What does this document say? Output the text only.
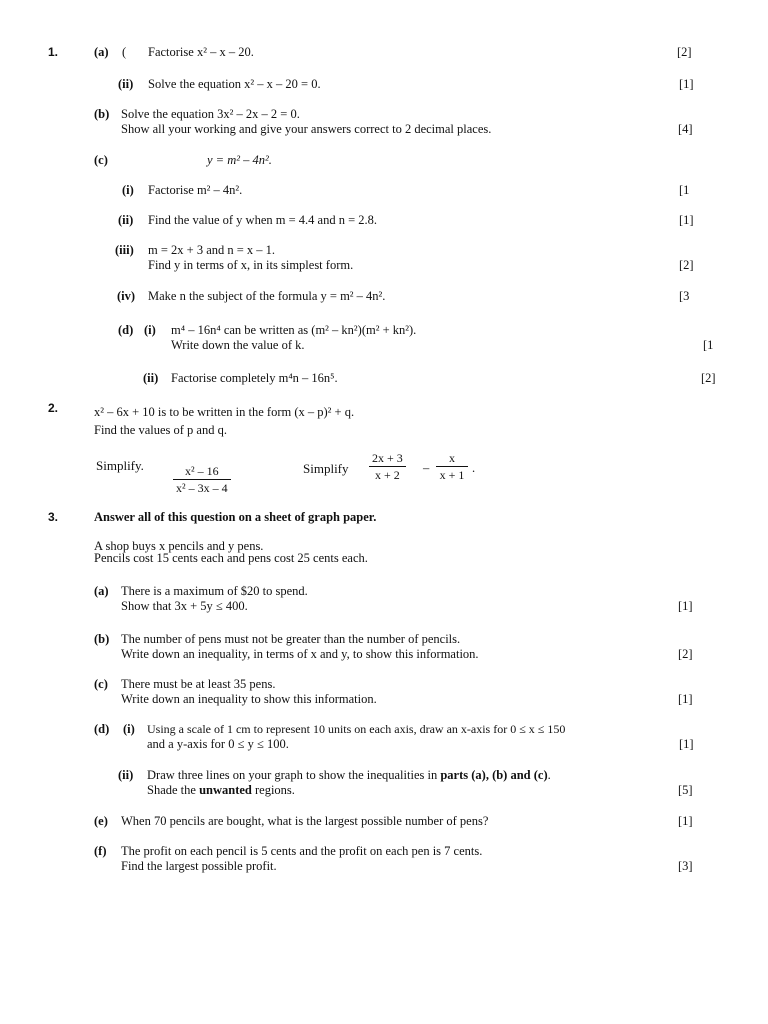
1.	(a) ( Factorise x² – x – 20.	[2]
(ii) Solve the equation x² – x – 20 = 0.	[1]
(b) Solve the equation 3x² – 2x – 2 = 0.
Show all your working and give your answers correct to 2 decimal places.	[4]
(c)	y = m² – 4n².
(i) Factorise m² – 4n².	[1
(ii) Find the value of y when m = 4.4 and n = 2.8.	[1]
(iii) m = 2x + 3 and n = x – 1.
Find y in terms of x, in its simplest form.	[2]
(iv) Make n the subject of the formula y = m² – 4n².	[3
(d) (i) m⁴ – 16n⁴ can be written as (m² – kn²)(m² + kn²).
Write down the value of k.	[1
(ii) Factorise completely m⁴n – 16n⁵.	[2]
2.	x² – 6x + 10 is to be written in the form (x – p)² + q.
Find the values of p and q.
Simplify. $\frac{\text{x² – 16}}{\text{x² – 3x – 4}}$	Simplify $\frac{2x + 3}{x + 2} - \frac{x}{x + 1}$ .
3.	Answer all of this question on a sheet of graph paper.
A shop buys x pencils and y pens.
Pencils cost 15 cents each and pens cost 25 cents each.
(a) There is a maximum of $20 to spend.
Show that 3x + 5y ≤ 400.	[1]
(b) The number of pens must not be greater than the number of pencils.
Write down an inequality, in terms of x and y, to show this information.	[2]
(c) There must be at least 35 pens.
Write down an inequality to show this information.	[1]
(d) (i) Using a scale of 1 cm to represent 10 units on each axis, draw an x-axis for 0 ≤ x ≤ 150
and a y-axis for 0 ≤ y ≤ 100.	[1]
(ii) Draw three lines on your graph to show the inequalities in parts (a), (b) and (c).
Shade the unwanted regions.	[5]
(e) When 70 pencils are bought, what is the largest possible number of pens?	[1]
(f) The profit on each pencil is 5 cents and the profit on each pen is 7 cents.
Find the largest possible profit.	[3]
